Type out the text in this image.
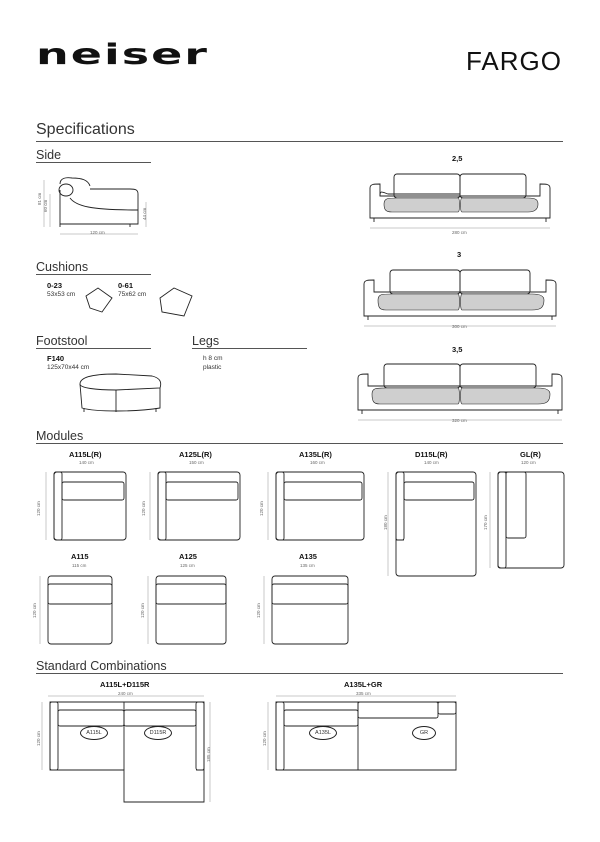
neiser	FARGO
Specifications
Side
81 cm
60 cm
44 cm
120 cm
2,5
280 cm
Cushions
0-23
53x53 cm
0-61
75x62 cm
3
300 cm
Footstool
F140
125x70x44 cm
Legs
h 8 cm
plastic
3,5
320 cm
Modules
A115L(R)
140 cm
A125L(R)
150 cm
A135L(R)
160 cm
D115L(R)
140 cm
GL(R)
120 cm
120 cm	120 cm	120 cm
180 cm	170 cm
A115
115 cm
A125
125 cm
A135
135 cm
120 cm	120 cm	120 cm
Standard Combinations
A115L+D115R
240 cm
A115L	D115R
120 cm
185 cm
A135L+GR
335 cm
A135L	GR
120 cm
